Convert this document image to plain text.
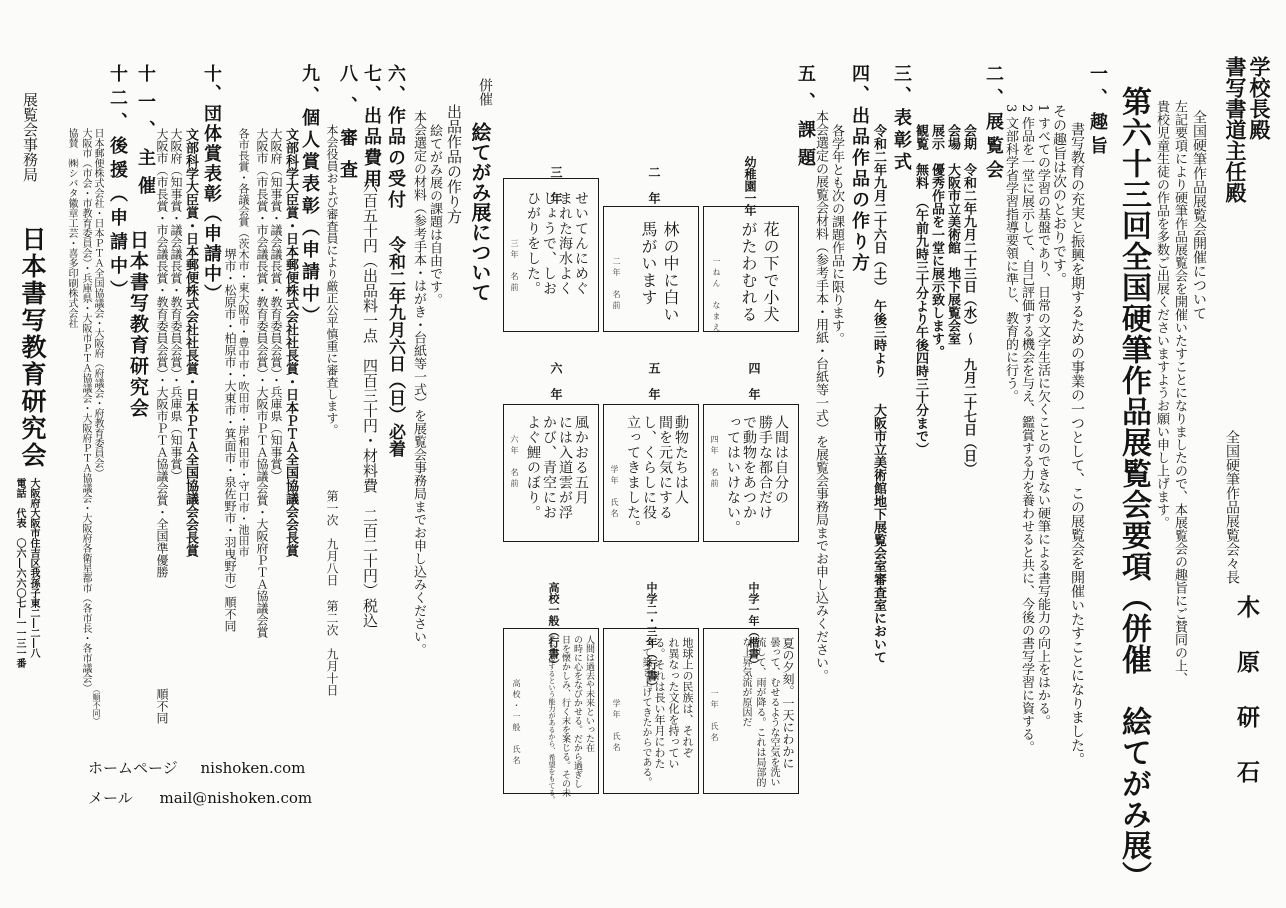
学校長殿
書写書道主任殿
全国硬筆作品展覧会開催について
左記要項により硬筆作品展覧会を開催いたすことになりましたので、本展覧会の趣旨にご賛同の上、
貴校児童生徒の作品を多数ご出展くださいますようお願い申し上げます。	全国硬筆作品展覧会々長
木原研石
第六十三回全国硬筆作品展覧会要項（併催　絵てがみ展）
一、趣旨
書写教育の充実と振興を期するための事業の一つとして、この展覧会を開催いたすことになりました。
その趣旨は次のとおりです。
1 すべての学習の基盤であり、日常の文字生活に欠くことのできない硬筆による書写能力の向上をはかる。
2 作品を一堂に展示して、自己評価する機会を与え、鑑賞する力を養わせると共に、今後の書写学習に資する。
3 文部科学省学習指導要領に準じ、教育的に行う。
二、展覧会
会期　令和二年九月二十三日（水）〜　九月二十七日（日）
会場　大阪市立美術館　地下展覧会室
展示　優秀作品を一堂に展示致します。
観覧　無料　（午前九時三十分より午後四時三十分まで）
三、表彰式
令和二年九月二十六日（土）　午後三時より　　大阪市立美術館地下展覧会室審査室において
四、出品作品の作り方
各学年とも次の課題作品に限ります。
本会選定の展覧会材料（参考手本・用紙・台紙等一式）を展覧会事務局までお申し込みください。
五、課題
幼稚園一年
二年
三年
花の下で小犬
がたわむれる
一ねん　なまえ
林の中に白い
馬がいます
二年　名前
せいてんにめぐ
まれた海水よく
じょうで、しお
ひがりをした。
三年　名前
四年
五年
六年
人間は自分の
勝手な都合だけ
で動物をあつか
ってはいけない。
四年　名前
動物たちは人
間を元気にする
し、くらしに役
立ってきました。
学年　氏名
風かおる五月
には入道雲が浮
かび、青空にお
よぐ鯉のぼり。
六年　名前
中学一年（楷書）
中学二・三年（行書）
高校一般（行書）
夏の夕刻。一天にわかに
曇って、むせるような空気を洗い
流して、雨が降る。これは局部的
な上昇気流が原因だ
一年　氏名
地球上の民族は、それぞ
れ異なった文化を持ってい
る。それは長い年月にわた
って築き上げてきたからである。
学年　氏名
人間は過去や未来といった在
の時に心をなびかせる。だから過ぎし
日を懐かしみ、行く末を案じる。その未
来を想像するという能力があるから、希望をもてる。
高校・一般　氏名
併催
絵てがみ展について
出品作品の作り方
絵てがみ展の課題は自由です。
本会選定の材料（参考手本・はがき・台紙等一式）を展覧会事務局までお申し込みください。
六、作品の受付
令和二年九月六日（日）必着
七、出品費用
六百五十円（出品料一点　四百三十円・材料費　二百二十円）税込
八、審査
本会役員および審査員により厳正公平慎重に審査します。
第一次　九月八日
第二次　九月十日
九、個人賞表彰（申請中）
文部科学大臣賞・日本郵便株式会社社長賞・日本ＰＴＡ全国協議会会長賞
大阪府（知事賞・議会議長賞・教育委員会賞）・兵庫県（知事賞）
大阪市（市長賞・市会議長賞・教育委員会賞）・大阪市ＰＴＡ協議会賞・大阪府ＰＴＡ協議会賞
各市長賞・各議会賞（茨木市・東大阪市・豊中市・吹田市・岸和田市・守口市・池田市
堺市・松原市・柏原市・大東市・箕面市・泉佐野市・羽曳野市）順不同
十、団体賞表彰（申請中）
文部科学大臣賞・日本郵便株式会社社長賞・日本ＰＴＡ全国協議会会長賞
大阪府（知事賞・議会議長賞・教育委員会賞）・兵庫県（知事賞）
大阪市（市長賞・市会議長賞・教育委員会賞）・大阪市ＰＴＡ協議会賞・全国準優勝
順不同
十一、主催
日本書写教育研究会
十二、後援（申請中）
日本郵便株式会社・日本ＰＴＡ全国協議会・大阪府（府議会・府教育委員会）
大阪市（市会・市教育委員会）・兵庫県・大阪市ＰＴＡ協議会・大阪府ＰＴＡ協議会・大阪府各衛星都市（各市長・各市議会）
（順不同）
協賛　㈱シバタ徽章工芸・喜多印刷株式会社
展覧会事務局
日本書写教育研究会
大阪府大阪市住吉区我孫子東二―二―八
電話　代表　〇六―六六〇七―一一三一番
ホームページ nishoken.com
メール mail@nishoken.com
